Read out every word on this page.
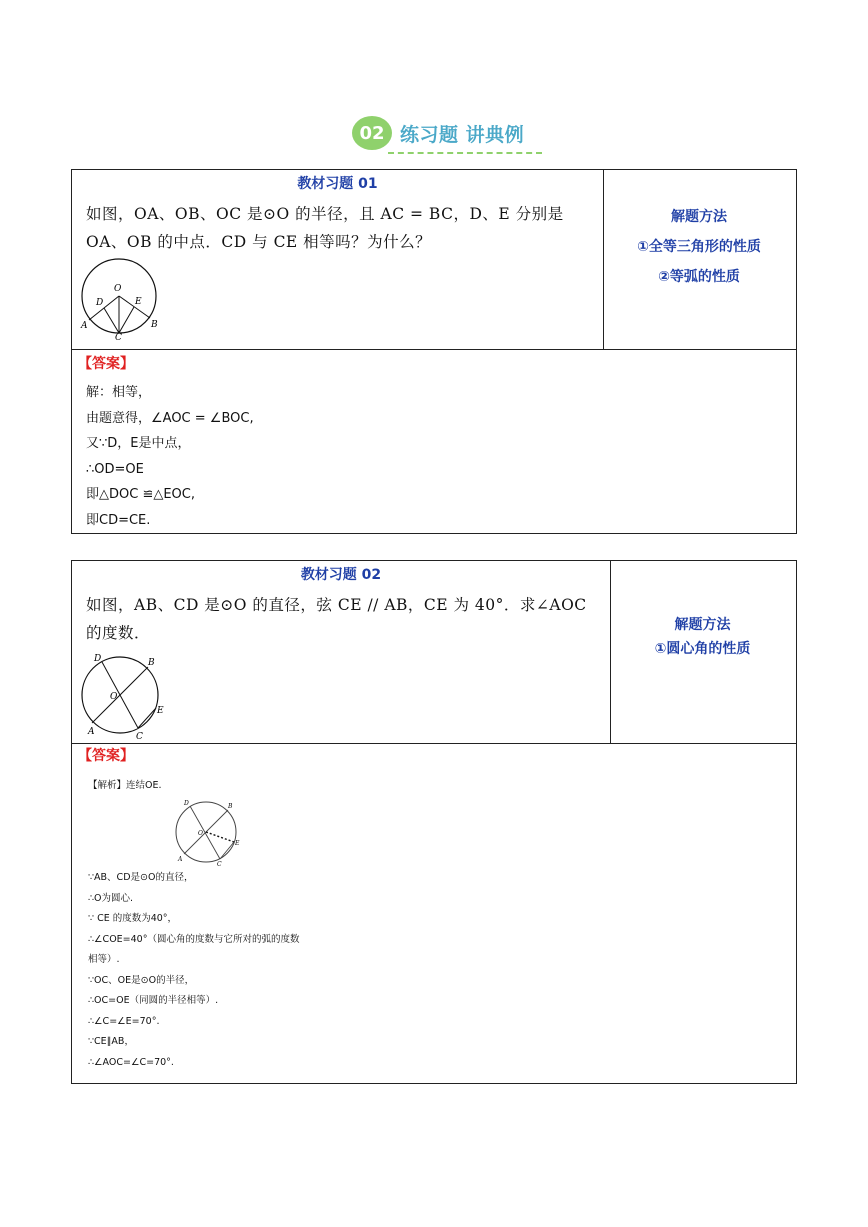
02 练习题 讲典例
教材习题 01
如图，OA、OB、OC 是⊙O 的半径，且 AC = BC，D、E 分别是
OA、OB 的中点．CD 与 CE 相等吗？为什么？
O
D	E
A	B
C
解题方法
①全等三角形的性质
②等弧的性质
【答案】
解：相等，
由题意得，∠AOC = ∠BOC,
又∵D，E是中点，
∴OD=OE
即△DOC ≌△EOC,
即CD=CE.
教材习题 02
如图，AB、CD 是⊙O 的直径，弦 CE // AB，CE 为 40°．求∠AOC
的度数．
D	B
O
E
A	C
解题方法
①圆心角的性质
【答案】
【解析】连结OE.
D	B
O
E
A
C
∵AB、CD是⊙O的直径，
∴O为圆心.
∵ CE 的度数为40°，
∴∠COE=40°（圆心角的度数与它所对的弧的度数
相等）.
∵OC、OE是⊙O的半径，
∴OC=OE（同圆的半径相等）.
∴∠C=∠E=70°.
∵CE∥AB，
∴∠AOC=∠C=70°.
